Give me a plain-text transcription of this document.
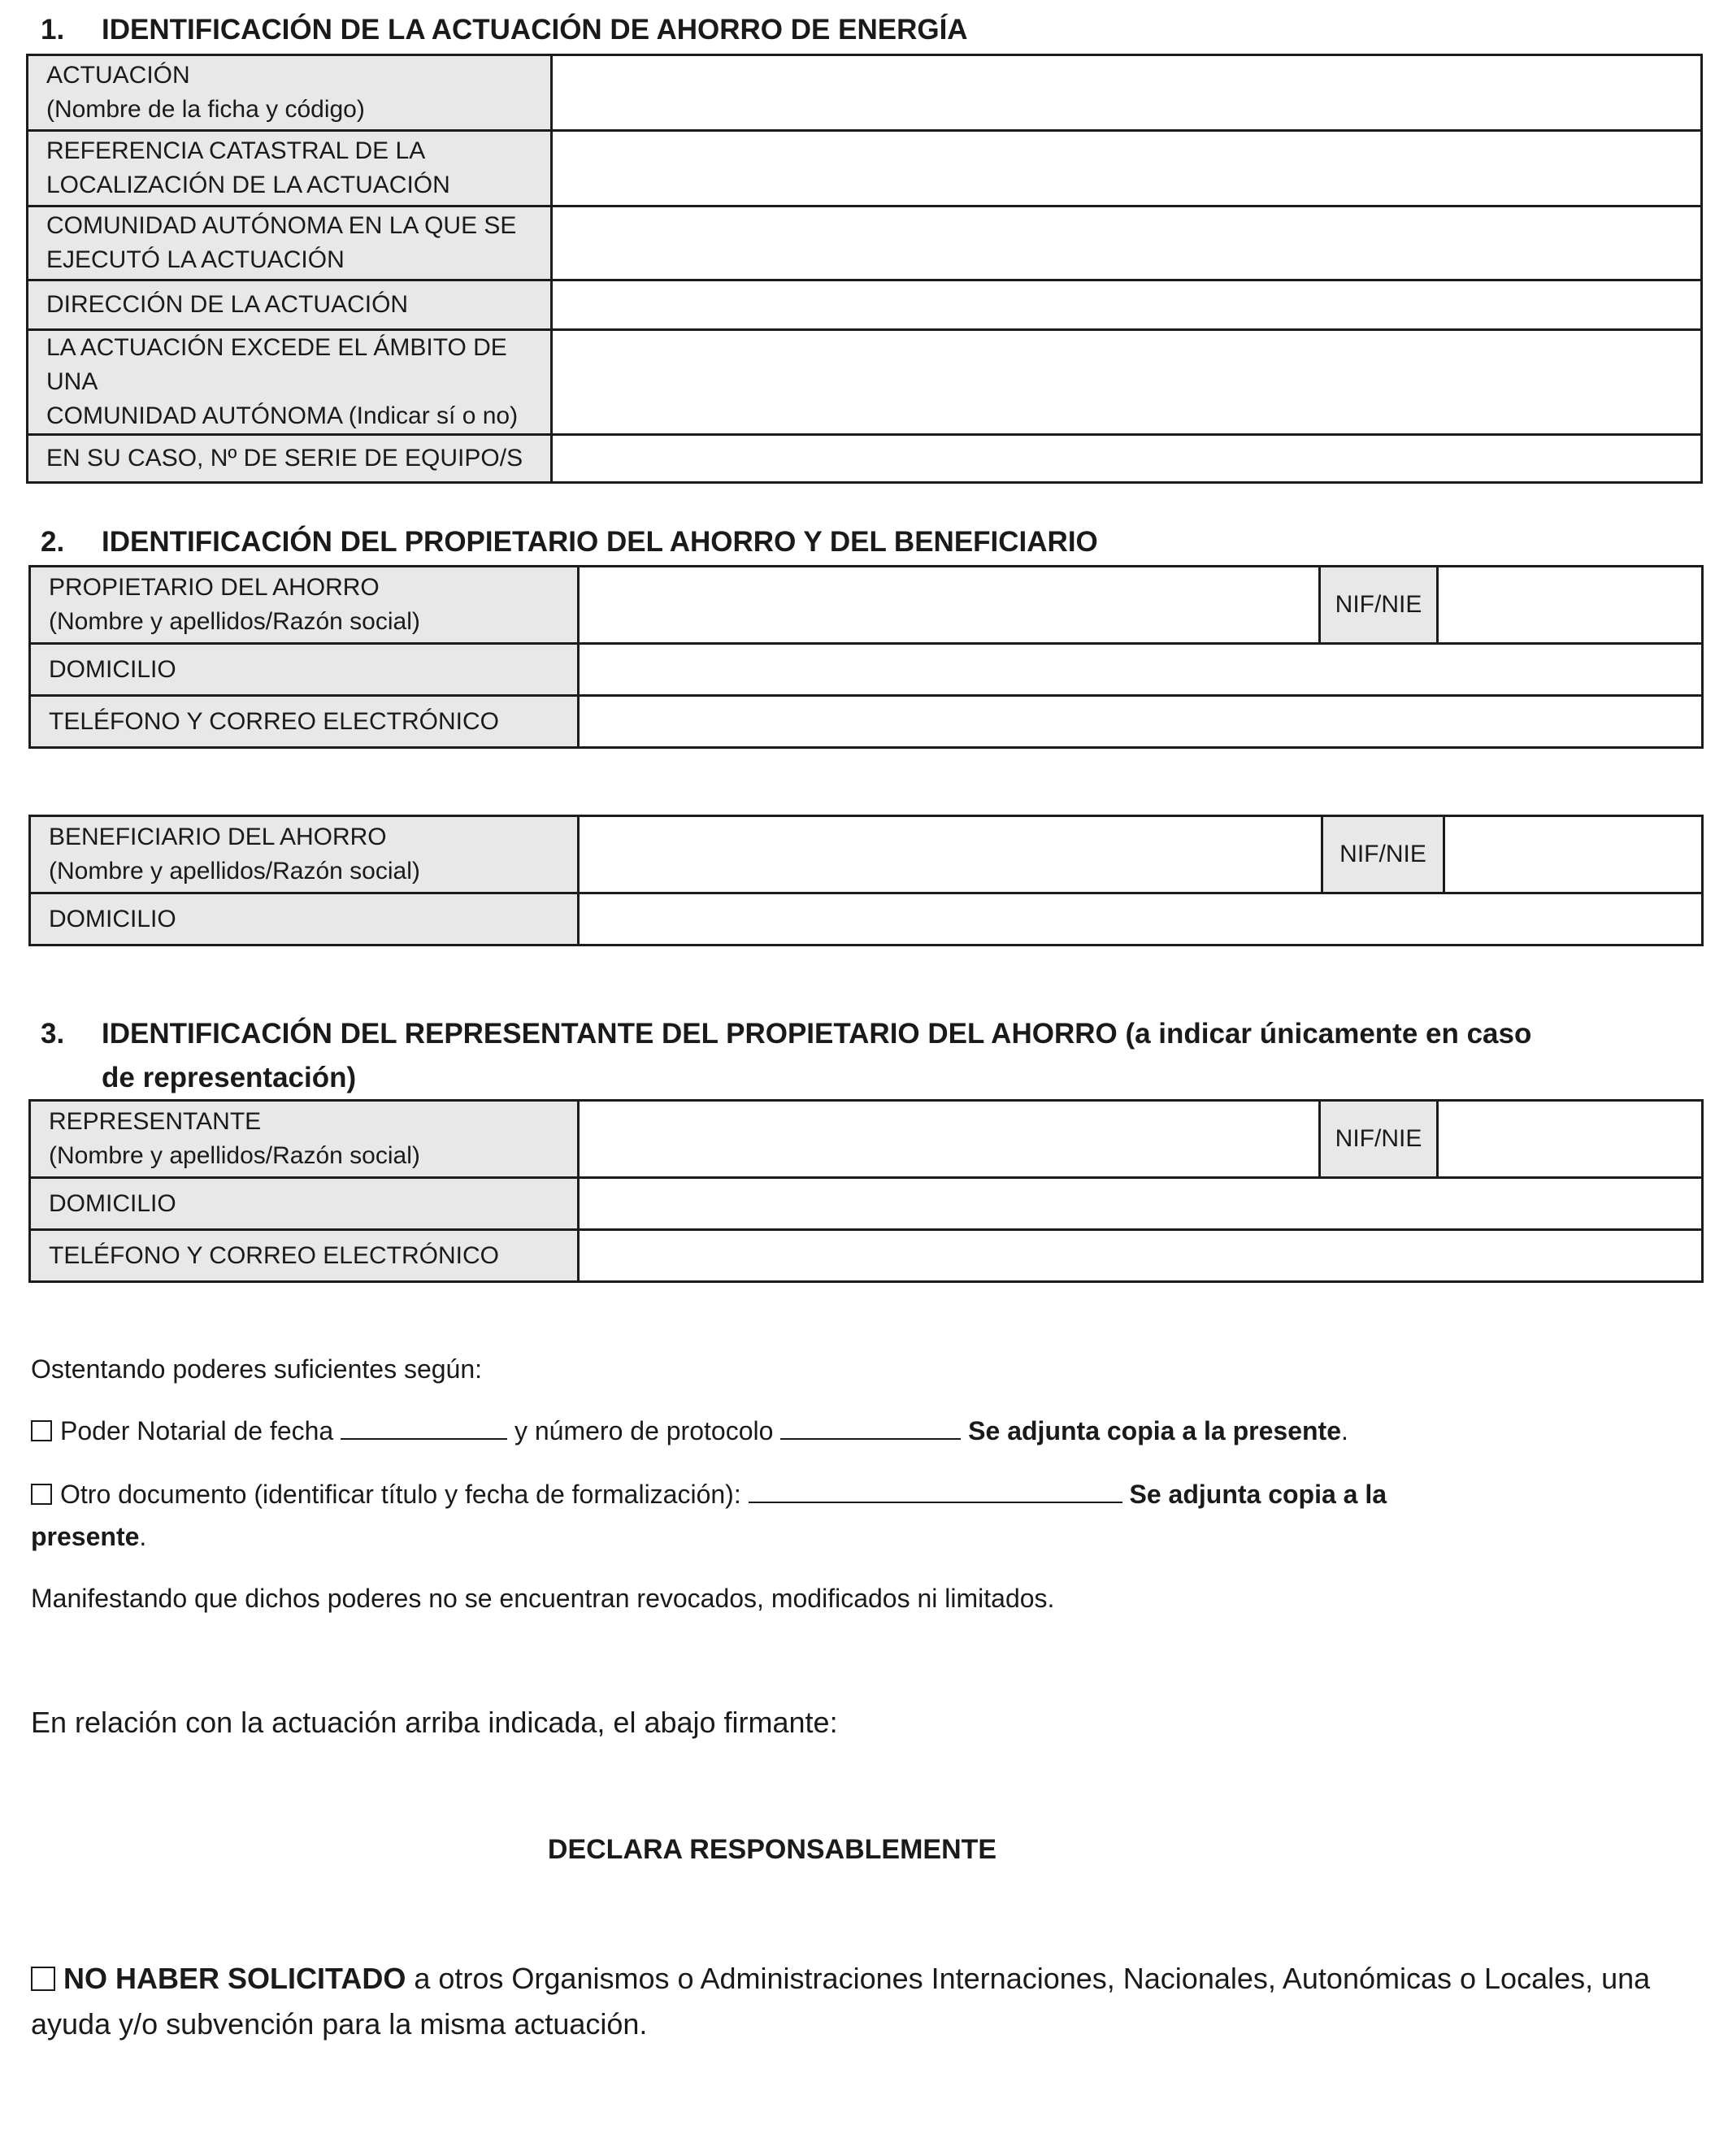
1. IDENTIFICACIÓN DE LA ACTUACIÓN DE AHORRO DE ENERGÍA
ACTUACIÓN
(Nombre de la ficha y código)	

REFERENCIA CATASTRAL DE LA
LOCALIZACIÓN DE LA ACTUACIÓN	

COMUNIDAD AUTÓNOMA EN LA QUE SE
EJECUTÓ LA ACTUACIÓN	

DIRECCIÓN DE LA ACTUACIÓN	

LA ACTUACIÓN EXCEDE EL ÁMBITO DE UNA
COMUNIDAD AUTÓNOMA (Indicar sí o no)	

EN SU CASO, Nº DE SERIE DE EQUIPO/S	

2. IDENTIFICACIÓN DEL PROPIETARIO DEL AHORRO Y DEL BENEFICIARIO
PROPIETARIO DEL AHORRO
(Nombre y apellidos/Razón social)		NIF/NIE	
DOMICILIO			
TELÉFONO Y CORREO ELECTRÓNICO			
BENEFICIARIO DEL AHORRO
(Nombre y apellidos/Razón social)		NIF/NIE	
DOMICILIO			
3. IDENTIFICACIÓN DEL REPRESENTANTE DEL PROPIETARIO DEL AHORRO (a indicar únicamente en caso
de representación)
REPRESENTANTE
(Nombre y apellidos/Razón social)		NIF/NIE	
DOMICILIO			
TELÉFONO Y CORREO ELECTRÓNICO			
Ostentando poderes suficientes según:
Poder Notarial de fecha	y número de protocolo	Se adjunta copia a la presente.
Otro documento (identificar título y fecha de formalización):	Se adjunta copia a la
presente.
Manifestando que dichos poderes no se encuentran revocados, modificados ni limitados.
En relación con la actuación arriba indicada, el abajo firmante:
DECLARA RESPONSABLEMENTE
NO HABER SOLICITADO a otros Organismos o Administraciones Internaciones, Nacionales, Autonómicas o Locales, una ayuda y/o subvención para la misma actuación.
